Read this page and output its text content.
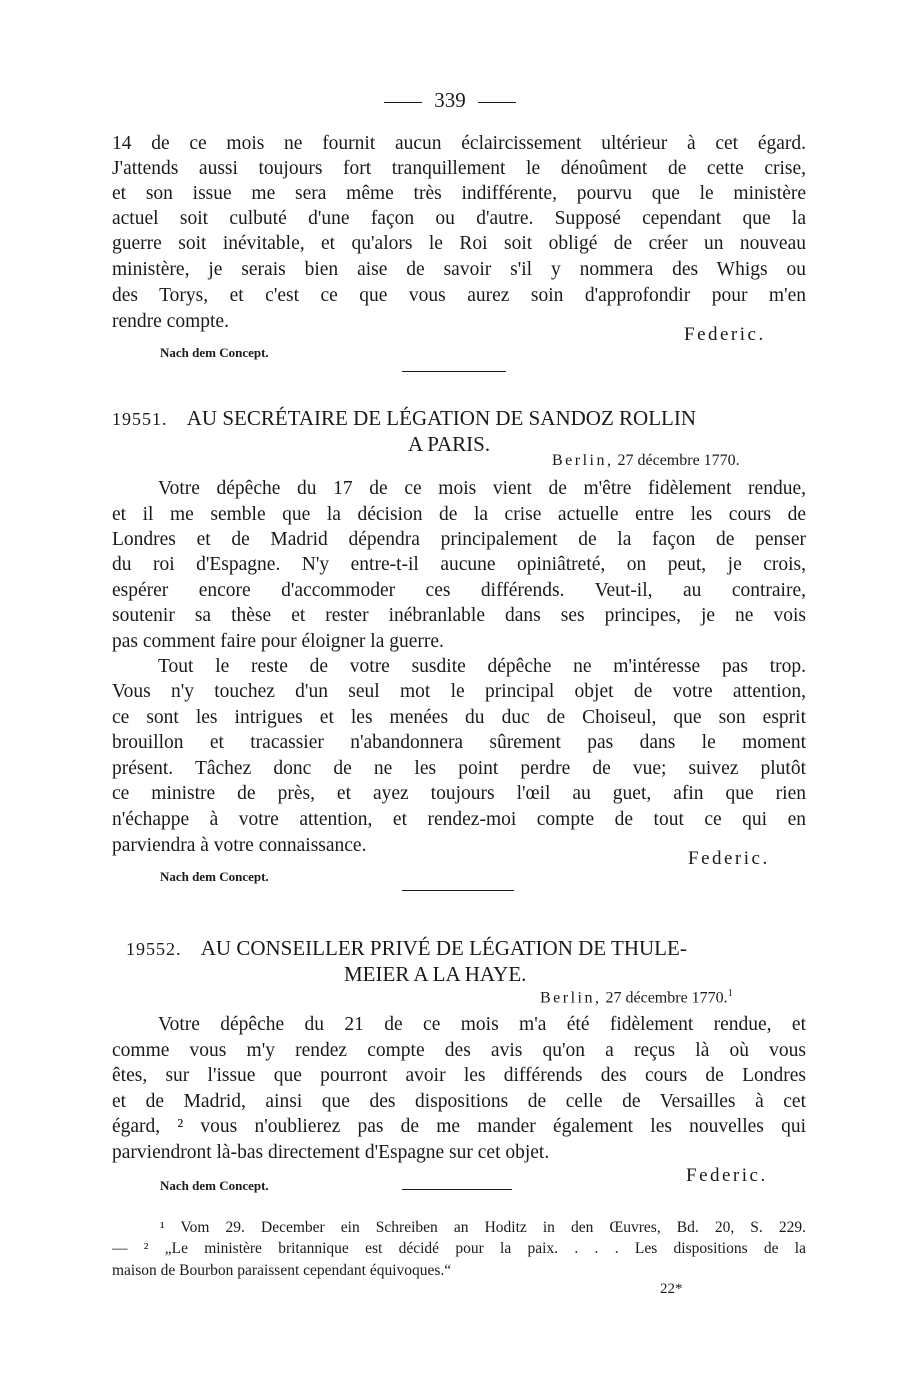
339
14 de ce mois ne fournit aucun éclaircissement ultérieur à cet égard.
J'attends aussi toujours fort tranquillement le dénoûment de cette crise,
et son issue me sera même très indifférente, pourvu que le ministère
actuel soit culbuté d'une façon ou d'autre. Supposé cependant que la
guerre soit inévitable, et qu'alors le Roi soit obligé de créer un nouveau
ministère, je serais bien aise de savoir s'il y nommera des Whigs ou
des Torys, et c'est ce que vous aurez soin d'approfondir pour m'en
rendre compte.
Federic.
Nach dem Concept.
19551. AU SECRÉTAIRE DE LÉGATION DE SANDOZ ROLLIN
A PARIS.
Berlin, 27 décembre 1770.
Votre dépêche du 17 de ce mois vient de m'être fidèlement rendue,
et il me semble que la décision de la crise actuelle entre les cours de
Londres et de Madrid dépendra principalement de la façon de penser
du roi d'Espagne. N'y entre-t-il aucune opiniâtreté, on peut, je crois,
espérer encore d'accommoder ces différends. Veut-il, au contraire,
soutenir sa thèse et rester inébranlable dans ses principes, je ne vois
pas comment faire pour éloigner la guerre.
Tout le reste de votre susdite dépêche ne m'intéresse pas trop.
Vous n'y touchez d'un seul mot le principal objet de votre attention,
ce sont les intrigues et les menées du duc de Choiseul, que son esprit
brouillon et tracassier n'abandonnera sûrement pas dans le moment
présent. Tâchez donc de ne les point perdre de vue; suivez plutôt
ce ministre de près, et ayez toujours l'œil au guet, afin que rien
n'échappe à votre attention, et rendez-moi compte de tout ce qui en
parviendra à votre connaissance.
Federic.
Nach dem Concept.
19552. AU CONSEILLER PRIVÉ DE LÉGATION DE THULE-
MEIER A LA HAYE.
Berlin, 27 décembre 1770.$^1$
Votre dépêche du 21 de ce mois m'a été fidèlement rendue, et
comme vous m'y rendez compte des avis qu'on a reçus là où vous
êtes, sur l'issue que pourront avoir les différends des cours de Londres
et de Madrid, ainsi que des dispositions de celle de Versailles à cet
égard, ² vous n'oublierez pas de me mander également les nouvelles qui
parviendront là-bas directement d'Espagne sur cet objet.
Federic.
Nach dem Concept.
¹ Vom 29. December ein Schreiben an Hoditz in den Œuvres, Bd. 20, S. 229.
— ² „Le ministère britannique est décidé pour la paix. . . . Les dispositions de la
maison de Bourbon paraissent cependant équivoques.“
22*
